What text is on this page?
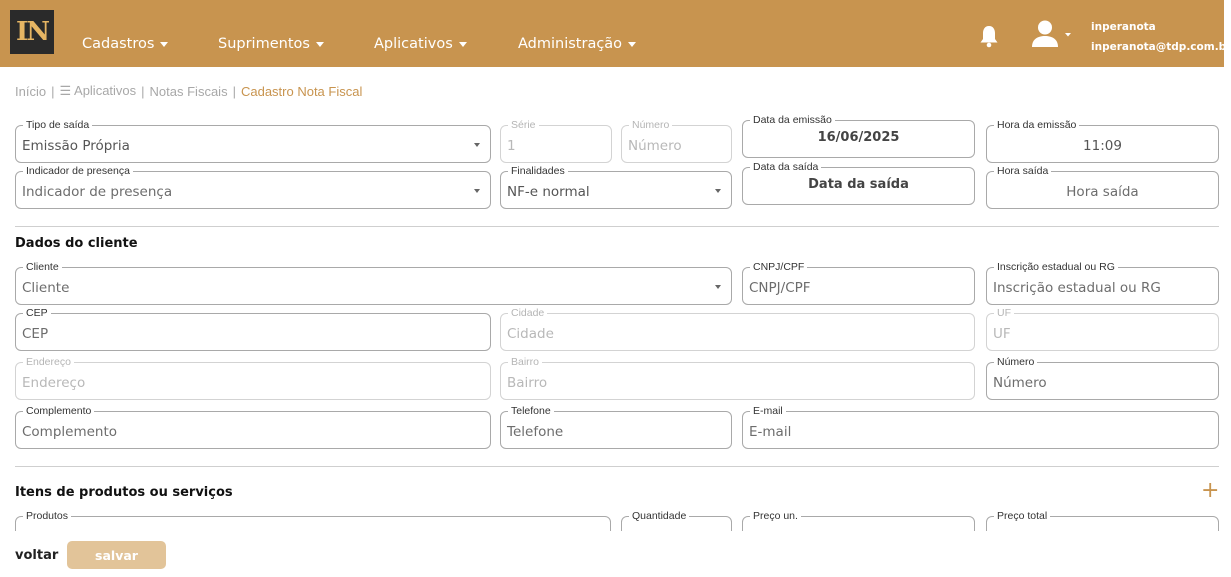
IN Cadastros	Suprimentos	Aplicativos	Administração
inperanota
inperanota@tdp.com.br
Início | ☰ Aplicativos | Notas Fiscais | Cadastro Nota Fiscal
Tipo de saída
Emissão Própria
Série
1
Número
Número
Data da emissão
16/06/2025
Hora da emissão
11:09
Indicador de presença
Indicador de presença
Finalidades
NF-e normal
Data da saída
Data da saída
Hora saída
Hora saída
Dados do cliente
Cliente
Cliente
CNPJ/CPF
CNPJ/CPF
Inscrição estadual ou RG
Inscrição estadual ou RG
CEP
CEP
Cidade
Cidade
UF
UF
Endereço
Endereço
Bairro
Bairro
Número
Número
Complemento
Complemento
Telefone
Telefone
E-mail
E-mail
Itens de produtos ou serviços	+
Produtos	Quantidade	Preço un.	Preço total
voltar	salvar
